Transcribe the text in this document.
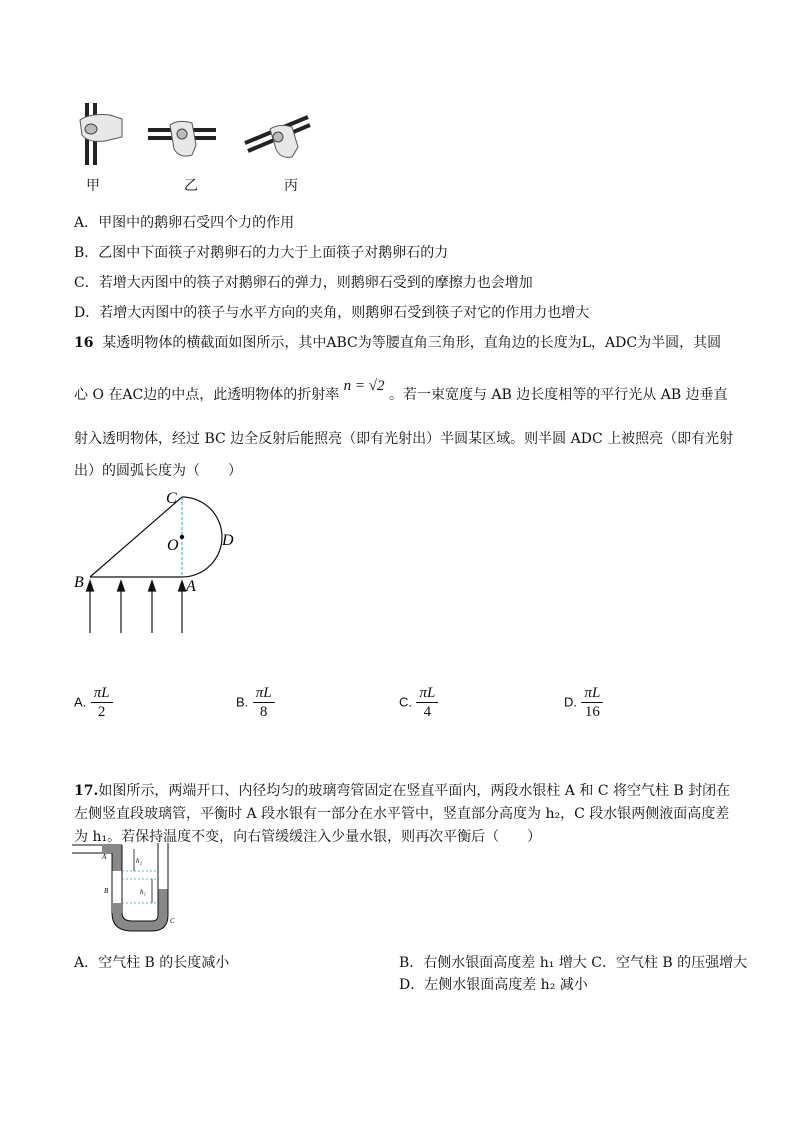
甲	乙	丙
A．甲图中的鹅卵石受四个力的作用
B．乙图中下面筷子对鹅卵石的力大于上面筷子对鹅卵石的力
C．若增大丙图中的筷子对鹅卵石的弹力，则鹅卵石受到的摩擦力也会增加
D．若增大丙图中的筷子与水平方向的夹角，则鹅卵石受到筷子对它的作用力也增大
16 某透明物体的横截面如图所示，其中ABC为等腰直角三角形，直角边的长度为L，ADC为半圆，其圆
心 O 在AC边的中点，此透明物体的折射率 n = √2 。若一束宽度与 AB 边长度相等的平行光从 AB 边垂直
射入透明物体，经过 BC 边全反射后能照亮（即有光射出）半圆某区域。则半圆 ADC 上被照亮（即有光射
出）的圆弧长度为（　　）
C
O	D
B	A
A. $\frac{\pi L}{2}$	B. $\frac{\pi L}{8}$	C. $\frac{\pi L}{4}$	D. $\frac{\pi L}{16}$
17.如图所示，两端开口、内径均匀的玻璃弯管固定在竖直平面内，两段水银柱 A 和 C 将空气柱 B 封闭在
左侧竖直段玻璃管，平衡时 A 段水银有一部分在水平管中，竖直部分高度为 h₂，C 段水银两侧液面高度差
为 h₁。若保持温度不变，向右管缓缓注入少量水银，则再次平衡后（　　）
h₂
h₁
A
B
C
A．空气柱 B 的长度减小	B．右侧水银面高度差 h₁ 增大 C．空气柱 B 的压强增大
D．左侧水银面高度差 h₂ 减小
